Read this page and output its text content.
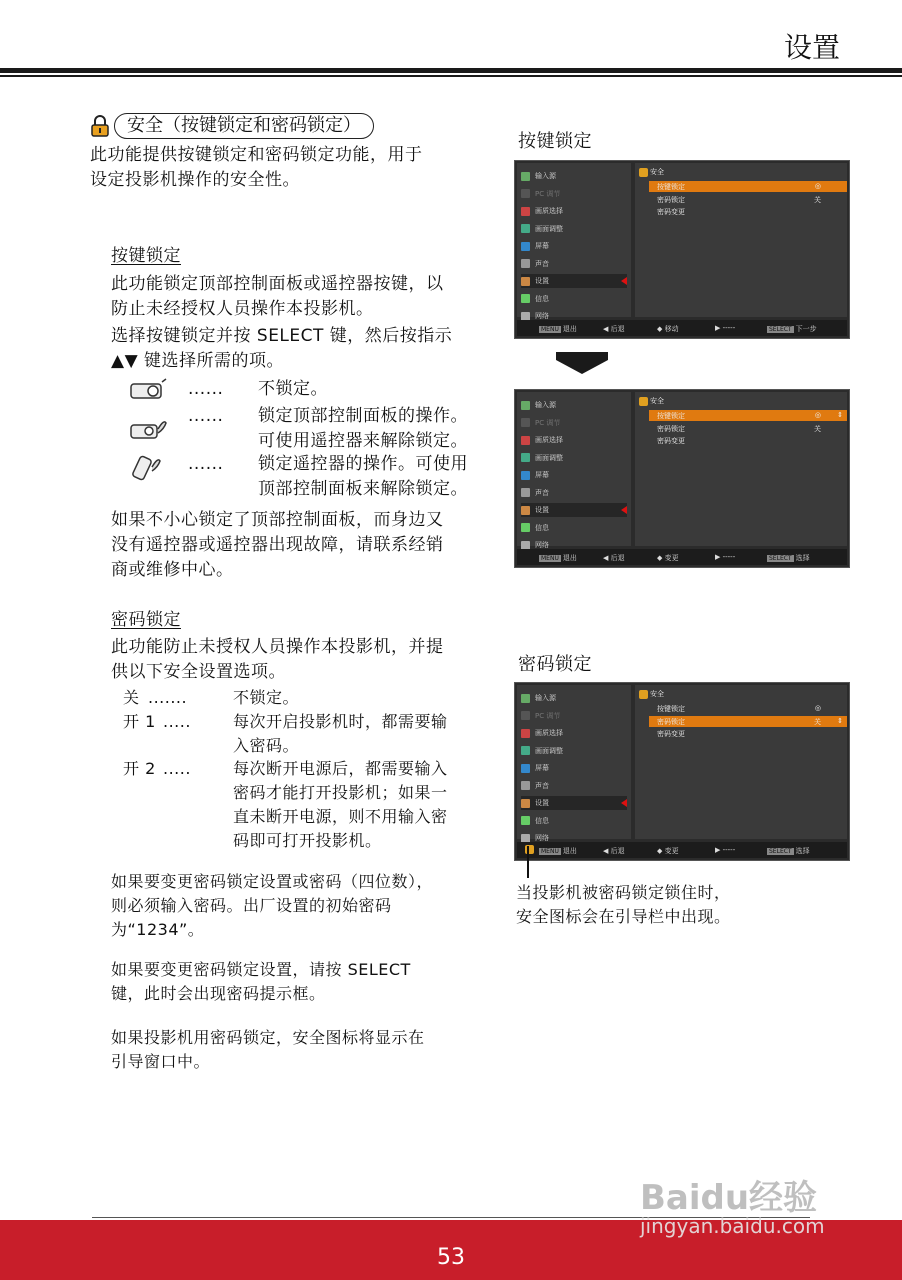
设置
安全（按键锁定和密码锁定）
此功能提供按键锁定和密码锁定功能，用于
设定投影机操作的安全性。
按键锁定
此功能锁定顶部控制面板或遥控器按键，以
防止未经授权人员操作本投影机。
选择按键锁定并按 SELECT 键，然后按指示
▲▼ 键选择所需的项。
...... 不锁定。
...... 锁定顶部控制面板的操作。
可使用遥控器来解除锁定。
...... 锁定遥控器的操作。可使用
顶部控制面板来解除锁定。
如果不小心锁定了顶部控制面板，而身边又
没有遥控器或遥控器出现故障，请联系经销
商或维修中心。
密码锁定
此功能防止未授权人员操作本投影机，并提
供以下安全设置选项。
关 .......	不锁定。
开 1 .....	每次开启投影机时，都需要输
入密码。
开 2 .....	每次断开电源后，都需要输入
密码才能打开投影机；如果一
直未断开电源，则不用输入密
码即可打开投影机。
如果要变更密码锁定设置或密码（四位数），
则必须输入密码。出厂设置的初始密码
为“1234”。
如果要变更密码锁定设置，请按 SELECT
键，此时会出现密码提示框。
如果投影机用密码锁定，安全图标将显示在
引导窗口中。
按键锁定
密码锁定
输入源
PC 调节
画质选择
画面调整
屏幕
声音
设置
信息
网络
安全
按键锁定	◎
密码锁定	关
密码变更
MENU 退出	◀ 后退	◆ 移动	▶ -----	SELECT 下一步
输入源
PC 调节
画质选择
画面调整
屏幕
声音
设置
信息
网络
安全
按键锁定	◎ ⇕
密码锁定	关
密码变更
MENU 退出	◀ 后退	◆ 变更	▶ -----	SELECT 选择
输入源
PC 调节
画质选择
画面调整
屏幕
声音
设置
信息
网络
安全
按键锁定	◎
密码锁定	关 ⇕
密码变更
MENU 退出	◀ 后退	◆ 变更	▶ -----	SELECT 选择
当投影机被密码锁定锁住时，
安全图标会在引导栏中出现。
53
Baidu经验
jingyan.baidu.com
